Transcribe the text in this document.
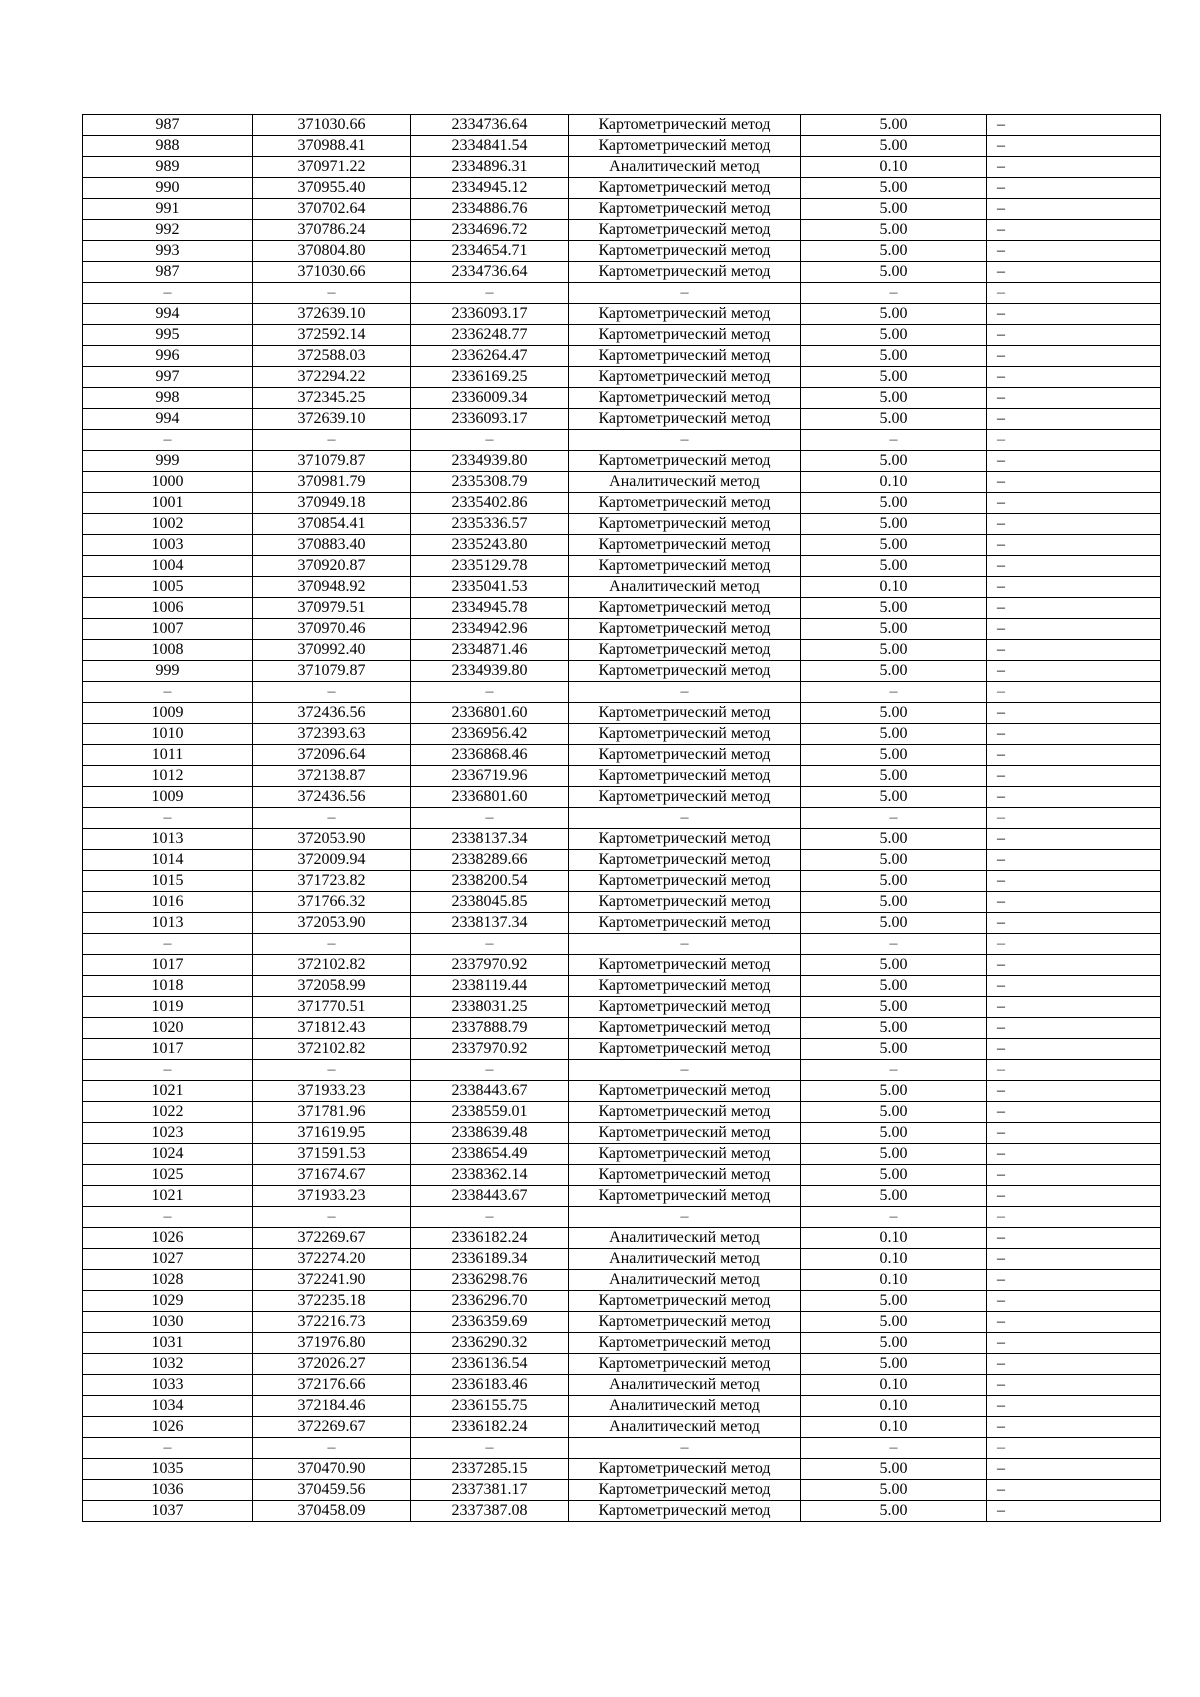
987	371030.66	2334736.64	Картометрический метод	5.00	–
988	370988.41	2334841.54	Картометрический метод	5.00	–
989	370971.22	2334896.31	Аналитический метод	0.10	–
990	370955.40	2334945.12	Картометрический метод	5.00	–
991	370702.64	2334886.76	Картометрический метод	5.00	–
992	370786.24	2334696.72	Картометрический метод	5.00	–
993	370804.80	2334654.71	Картометрический метод	5.00	–
987	371030.66	2334736.64	Картометрический метод	5.00	–
–	–	–	–	–	–
994	372639.10	2336093.17	Картометрический метод	5.00	–
995	372592.14	2336248.77	Картометрический метод	5.00	–
996	372588.03	2336264.47	Картометрический метод	5.00	–
997	372294.22	2336169.25	Картометрический метод	5.00	–
998	372345.25	2336009.34	Картометрический метод	5.00	–
994	372639.10	2336093.17	Картометрический метод	5.00	–
–	–	–	–	–	–
999	371079.87	2334939.80	Картометрический метод	5.00	–
1000	370981.79	2335308.79	Аналитический метод	0.10	–
1001	370949.18	2335402.86	Картометрический метод	5.00	–
1002	370854.41	2335336.57	Картометрический метод	5.00	–
1003	370883.40	2335243.80	Картометрический метод	5.00	–
1004	370920.87	2335129.78	Картометрический метод	5.00	–
1005	370948.92	2335041.53	Аналитический метод	0.10	–
1006	370979.51	2334945.78	Картометрический метод	5.00	–
1007	370970.46	2334942.96	Картометрический метод	5.00	–
1008	370992.40	2334871.46	Картометрический метод	5.00	–
999	371079.87	2334939.80	Картометрический метод	5.00	–
–	–	–	–	–	–
1009	372436.56	2336801.60	Картометрический метод	5.00	–
1010	372393.63	2336956.42	Картометрический метод	5.00	–
1011	372096.64	2336868.46	Картометрический метод	5.00	–
1012	372138.87	2336719.96	Картометрический метод	5.00	–
1009	372436.56	2336801.60	Картометрический метод	5.00	–
–	–	–	–	–	–
1013	372053.90	2338137.34	Картометрический метод	5.00	–
1014	372009.94	2338289.66	Картометрический метод	5.00	–
1015	371723.82	2338200.54	Картометрический метод	5.00	–
1016	371766.32	2338045.85	Картометрический метод	5.00	–
1013	372053.90	2338137.34	Картометрический метод	5.00	–
–	–	–	–	–	–
1017	372102.82	2337970.92	Картометрический метод	5.00	–
1018	372058.99	2338119.44	Картометрический метод	5.00	–
1019	371770.51	2338031.25	Картометрический метод	5.00	–
1020	371812.43	2337888.79	Картометрический метод	5.00	–
1017	372102.82	2337970.92	Картометрический метод	5.00	–
–	–	–	–	–	–
1021	371933.23	2338443.67	Картометрический метод	5.00	–
1022	371781.96	2338559.01	Картометрический метод	5.00	–
1023	371619.95	2338639.48	Картометрический метод	5.00	–
1024	371591.53	2338654.49	Картометрический метод	5.00	–
1025	371674.67	2338362.14	Картометрический метод	5.00	–
1021	371933.23	2338443.67	Картометрический метод	5.00	–
–	–	–	–	–	–
1026	372269.67	2336182.24	Аналитический метод	0.10	–
1027	372274.20	2336189.34	Аналитический метод	0.10	–
1028	372241.90	2336298.76	Аналитический метод	0.10	–
1029	372235.18	2336296.70	Картометрический метод	5.00	–
1030	372216.73	2336359.69	Картометрический метод	5.00	–
1031	371976.80	2336290.32	Картометрический метод	5.00	–
1032	372026.27	2336136.54	Картометрический метод	5.00	–
1033	372176.66	2336183.46	Аналитический метод	0.10	–
1034	372184.46	2336155.75	Аналитический метод	0.10	–
1026	372269.67	2336182.24	Аналитический метод	0.10	–
–	–	–	–	–	–
1035	370470.90	2337285.15	Картометрический метод	5.00	–
1036	370459.56	2337381.17	Картометрический метод	5.00	–
1037	370458.09	2337387.08	Картометрический метод	5.00	–
